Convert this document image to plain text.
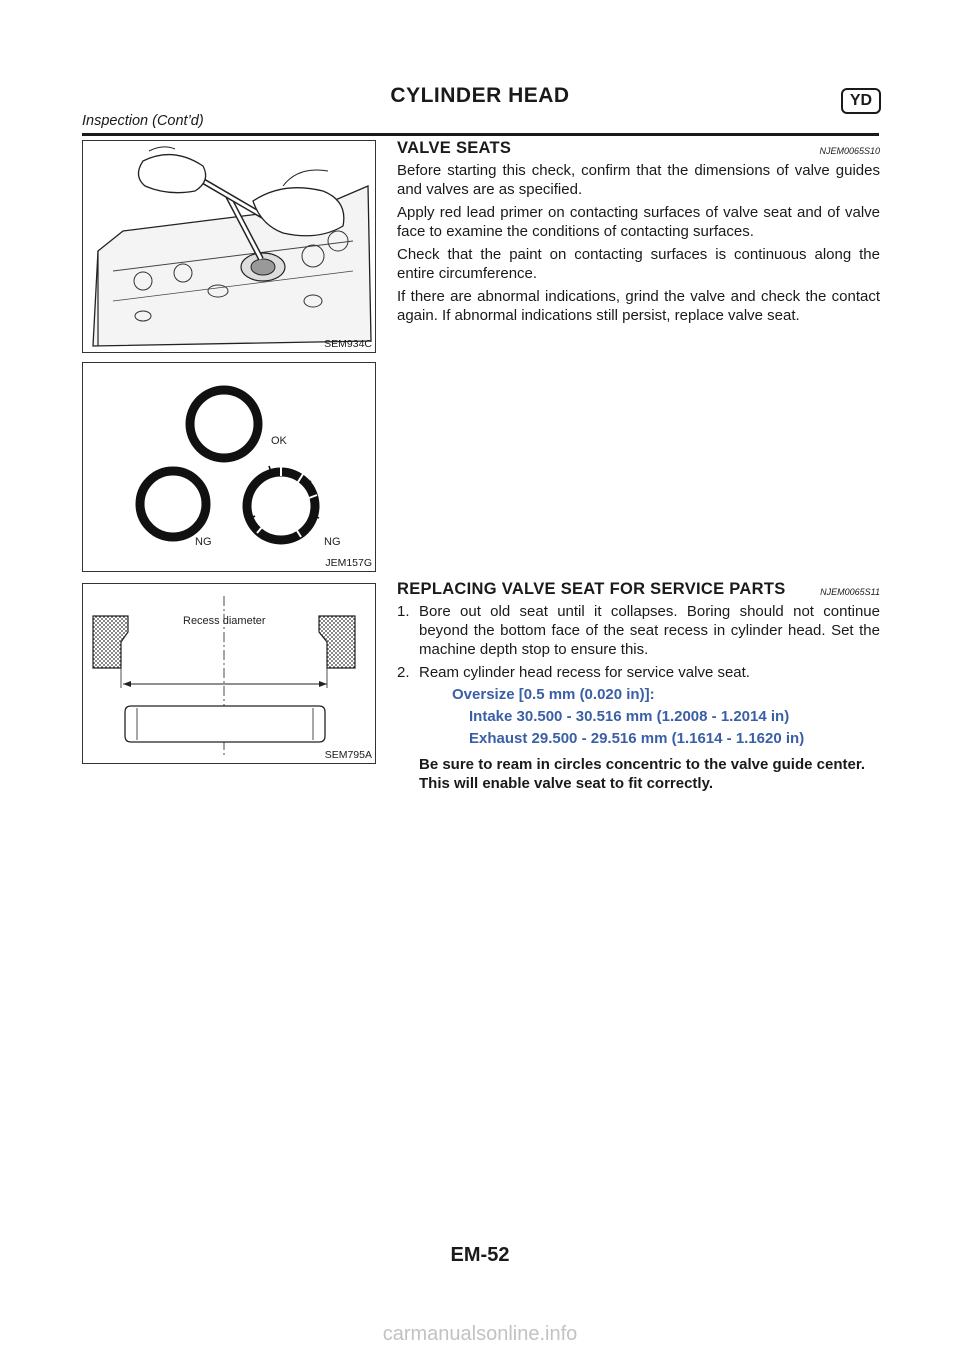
CYLINDER HEAD	YD
Inspection (Cont’d)
SEM934C
OK
NG	NG
JEM157G
Recess diameter
SEM795A
VALVE SEATS	NJEM0065S10
Before starting this check, confirm that the dimensions of valve guides and valves are as specified.
Apply red lead primer on contacting surfaces of valve seat and of valve face to examine the conditions of contacting surfaces.
Check that the paint on contacting surfaces is continuous along the entire circumference.
If there are abnormal indications, grind the valve and check the contact again. If abnormal indications still persist, replace valve seat.
REPLACING VALVE SEAT FOR SERVICE PARTS	NJEM0065S11
1. Bore out old seat until it collapses. Boring should not continue beyond the bottom face of the seat recess in cylinder head. Set the machine depth stop to ensure this.
2. Ream cylinder head recess for service valve seat.
Oversize [0.5 mm (0.020 in)]:
Intake 30.500 - 30.516 mm (1.2008 - 1.2014 in)
Exhaust 29.500 - 29.516 mm (1.1614 - 1.1620 in)
Be sure to ream in circles concentric to the valve guide center.
This will enable valve seat to fit correctly.
EM-52
carmanualsonline.info
